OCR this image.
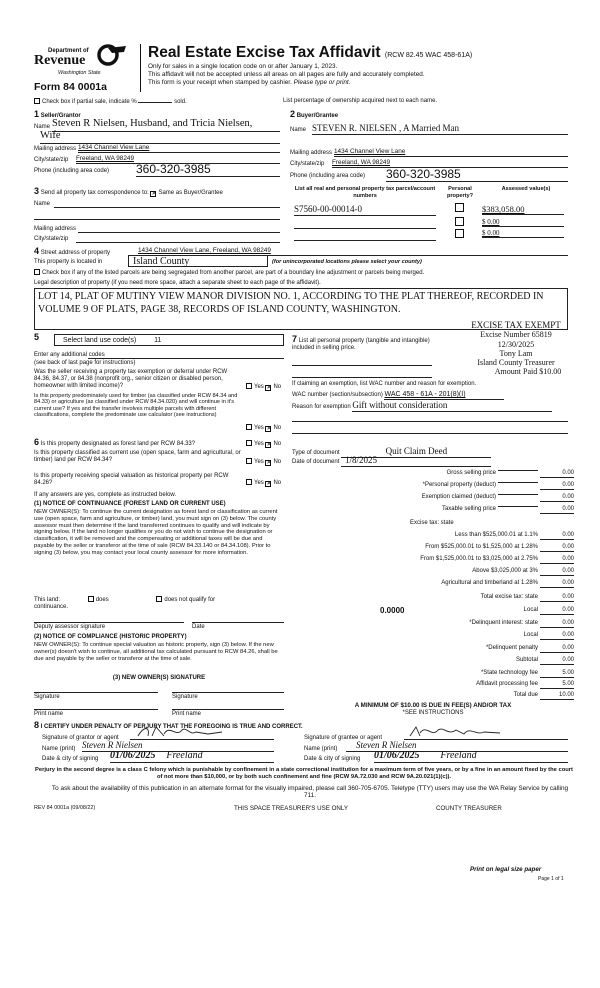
Department of
Revenue
Washington State
Form 84 0001a
Real Estate Excise Tax Affidavit (RCW 82.45 WAC 458-61A)
Only for sales in a single location code on or after January 1, 2023.
This affidavit will not be accepted unless all areas on all pages are fully and accurately completed.
This form is your receipt when stamped by cashier. Please type or print.
Check box if partial sale, indicate %	sold.	List percentage of ownership acquired next to each name.
1 Seller/Grantor
Name Steven R Nielsen, Husband, and Tricia Nielsen,
Wife
Mailing address 1434 Channel View Lane
City/state/zip Freeland, WA 98249
Phone (including area code) 360-320-3985
2 Buyer/Grantee
Name STEVEN R. NIELSEN , A Married Man
Mailing address 1434 Channel View Lane
City/state/zip Freeland, WA 98249
Phone (including area code) 360-320-3985
3 Send all property tax correspondence to: ✕ Same as Buyer/Grantee
Name
Mailing address
City/state/zip
List all real and personal property tax parcel/account numbers
Personal property?
Assessed value(s)
S7560-00-00014-0	$383,058.00
$ 0.00
$ 0.00
4 Street address of property	1434 Channel View Lane, Freeland, WA 98249
This property is located in	Island County	(for unincorporated locations please select your county)
Check box if any of the listed parcels are being segregated from another parcel, are part of a boundary line adjustment or parcels being merged.
Legal description of property (if you need more space, attach a separate sheet to each page of the affidavit).
LOT 14, PLAT OF MUTINY VIEW MANOR DIVISION NO. 1, ACCORDING TO THE PLAT THEREOF, RECORDED IN VOLUME 9 OF PLATS, PAGE 38, RECORDS OF ISLAND COUNTY, WASHINGTON.
EXCISE TAX EXEMPT
Excise Number 65819
12/30/2025
Tony Lam
Island County Treasurer
Amount Paid $10.00
5	Select land use code(s)	11
Enter any additional codes
(see back of last page for instructions)
Was the seller receiving a property tax exemption or deferral under RCW 84.36, 84.37, or 84.38 (nonprofit org., senior citizen or disabled person, homeowner with limited income)?	Yes ✕ No
Is this property predominately used for timber (as classified under RCW 84.34 and 84.33) or agriculture (as classified under RCW 84.34.020) and will continue in it's current use? If yes and the transfer involves multiple parcels with different classifications, complete the predominate use calculator (see instructions)
Yes ✕ No
6 Is this property designated as forest land per RCW 84.33?	Yes ✕ No
Is this property classified as current use (open space, farm and agricultural, or timber) land per RCW 84.34?	Yes ✕ No
Is this property receiving special valuation as historical property per RCW 84.26?	Yes ✕ No
If any answers are yes, complete as instructed below.
(1) NOTICE OF CONTINUANCE (FOREST LAND OR CURRENT USE)
NEW OWNER(S): To continue the current designation as forest land or classification as current use (open space, farm and agriculture, or timber) land, you must sign on (3) below. The county assessor must then determine if the land transferred continues to qualify and will indicate by signing below. If the land no longer qualifies or you do not wish to continue the designation or classification, it will be removed and the compensating or additional taxes will be due and payable by the seller or transferor at the time of sale (RCW 84.33.140 or 84.34.108). Prior to signing (3) below, you may contact your local county assessor for more information.
This land:	does	does not qualify for
continuance.
Deputy assessor signature	Date
(2) NOTICE OF COMPLIANCE (HISTORIC PROPERTY)
NEW OWNER(S): To continue special valuation as historic property, sign (3) below. If the new owner(s) doesn't wish to continue, all additional tax calculated pursuant to RCW 84.26, shall be due and payable by the seller or transferor at the time of sale.
(3) NEW OWNER(S) SIGNATURE
Signature	Signature
Print name	Print name
7 List all personal property (tangible and intangible) included in selling price.
If claiming an exemption, list WAC number and reason for exemption.
WAC number (section/subsection) WAC 458 - 61A - 201(8)(I)
Reason for exemption Gift without consideration
Type of document	Quit Claim Deed
Date of document 1/8/2025
Gross selling price	0.00
*Personal property (deduct)	0.00
Exemption claimed (deduct)	0.00
Taxable selling price	0.00
Excise tax: state
Less than $525,000.01 at 1.1%	0.00
From $525,000.01 to $1,525,000 at 1.28%	0.00
From $1,525,000.01 to $3,025,000 at 2.75%	0.00
Above $3,025,000 at 3%	0.00
Agricultural and timberland at 1.28%	0.00
Total excise tax: state	0.00
0.0000	Local	0.00
*Delinquent interest: state	0.00
Local	0.00
*Delinquent penalty	0.00
Subtotal	0.00
*State technology fee	5.00
Affidavit processing fee	5.00
Total due	10.00
A MINIMUM OF $10.00 IS DUE IN FEE(S) AND/OR TAX
*SEE INSTRUCTIONS
8 I CERTIFY UNDER PENALTY OF PERJURY THAT THE FOREGOING IS TRUE AND CORRECT.
Signature of grantor or agent
Name (print) Steven R Nielsen
Date & city of signing 01/06/2025 Freeland
Signature of grantee or agent
Name (print)	Steven R Nielsen
Date & city of signing 01/06/2025 Freeland
Perjury in the second degree is a class C felony which is punishable by confinement in a state correctional institution for a maximum term of five years, or by a fine in an amount fixed by the court of not more than $10,000, or by both such confinement and fine (RCW 9A.72.030 and RCW 9A.20.021(1)(c)).
To ask about the availability of this publication in an alternate format for the visually impaired, please call 360-705-6705. Teletype (TTY) users may use the WA Relay Service by calling 711.
REV 84 0001a (09/08/22)	THIS SPACE TREASURER'S USE ONLY	COUNTY TREASURER
Print on legal size paper
Page 1 of 1
